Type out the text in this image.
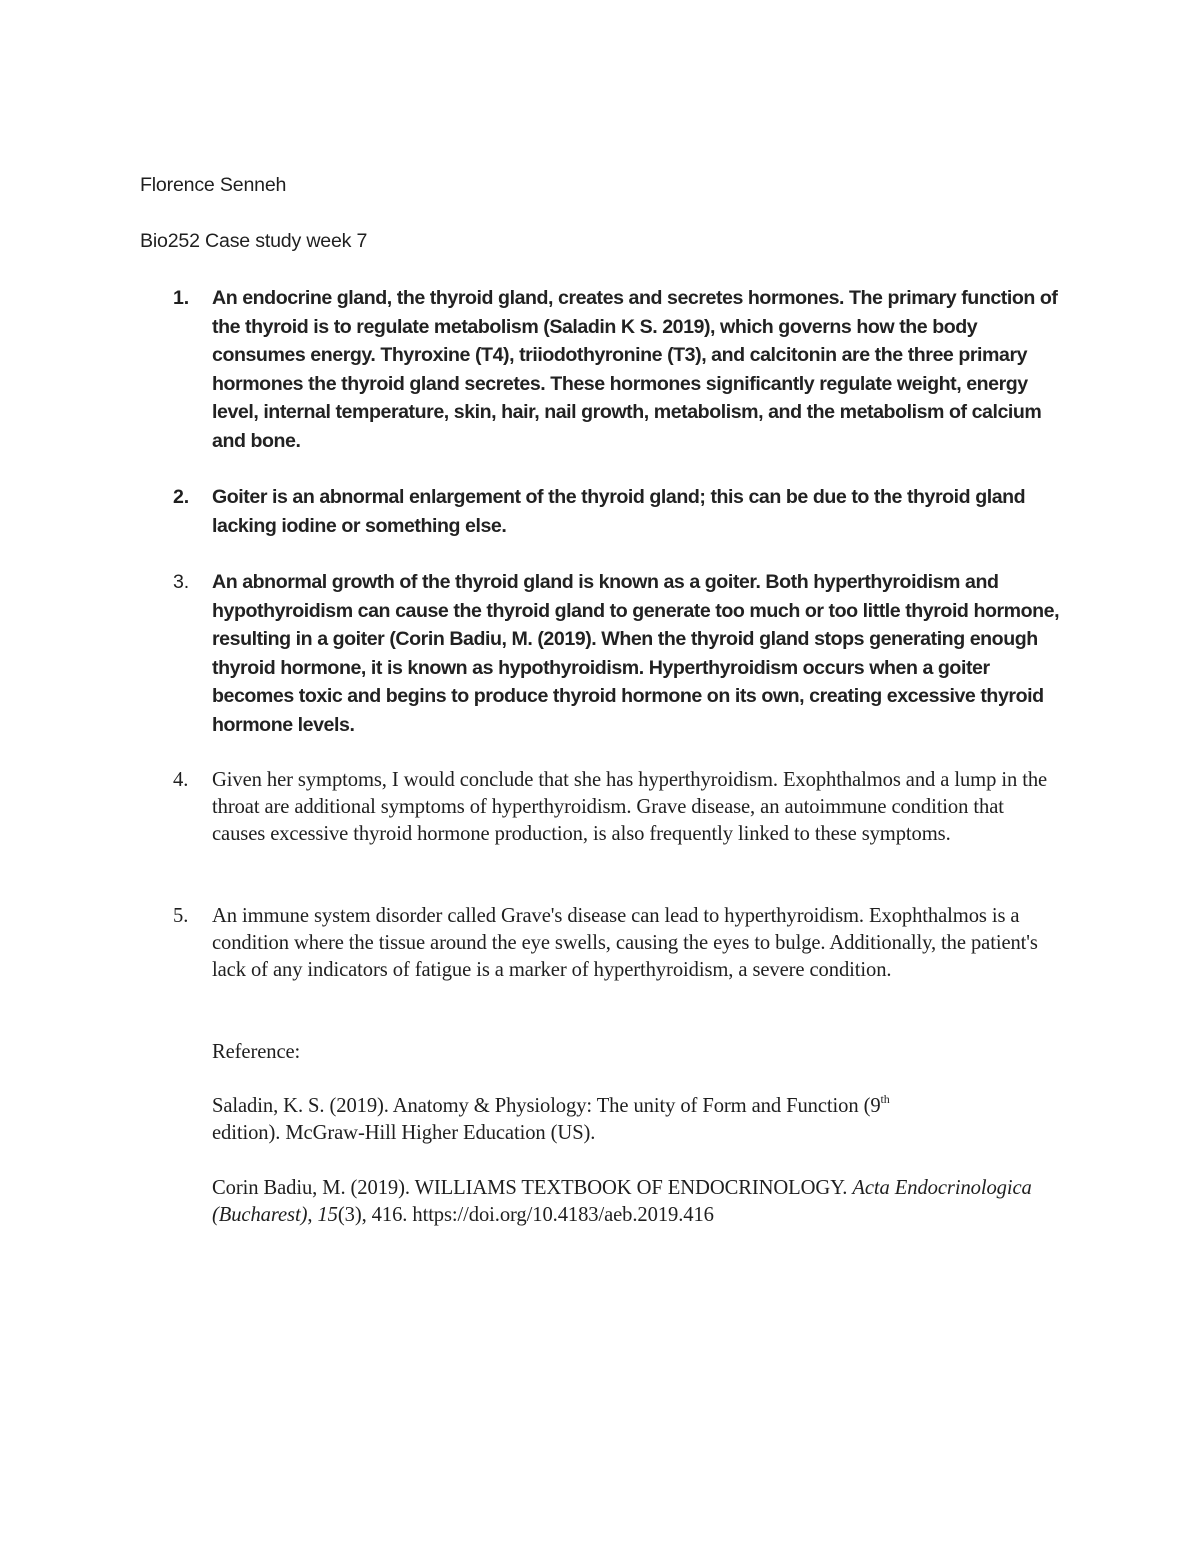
Florence Senneh
Bio252 Case study week 7
1. An endocrine gland, the thyroid gland, creates and secretes hormones. The primary function of the thyroid is to regulate metabolism (Saladin K S. 2019), which governs how the body consumes energy. Thyroxine (T4), triiodothyronine (T3), and calcitonin are the three primary hormones the thyroid gland secretes. These hormones significantly regulate weight, energy level, internal temperature, skin, hair, nail growth, metabolism, and the metabolism of calcium and bone.
2. Goiter is an abnormal enlargement of the thyroid gland; this can be due to the thyroid gland lacking iodine or something else.
3. An abnormal growth of the thyroid gland is known as a goiter. Both hyperthyroidism and hypothyroidism can cause the thyroid gland to generate too much or too little thyroid hormone, resulting in a goiter (Corin Badiu, M. (2019). When the thyroid gland stops generating enough thyroid hormone, it is known as hypothyroidism. Hyperthyroidism occurs when a goiter becomes toxic and begins to produce thyroid hormone on its own, creating excessive thyroid hormone levels.
4. Given her symptoms, I would conclude that she has hyperthyroidism. Exophthalmos and a lump in the throat are additional symptoms of hyperthyroidism. Grave disease, an autoimmune condition that causes excessive thyroid hormone production, is also frequently linked to these symptoms.
5. An immune system disorder called Grave's disease can lead to hyperthyroidism. Exophthalmos is a condition where the tissue around the eye swells, causing the eyes to bulge. Additionally, the patient's lack of any indicators of fatigue is a marker of hyperthyroidism, a severe condition.
Reference:
Saladin, K. S. (2019). Anatomy & Physiology: The unity of Form and Function (9th
edition). McGraw-Hill Higher Education (US).
Corin Badiu, M. (2019). WILLIAMS TEXTBOOK OF ENDOCRINOLOGY. Acta Endocrinologica (Bucharest), 15(3), 416. https://doi.org/10.4183/aeb.2019.416
